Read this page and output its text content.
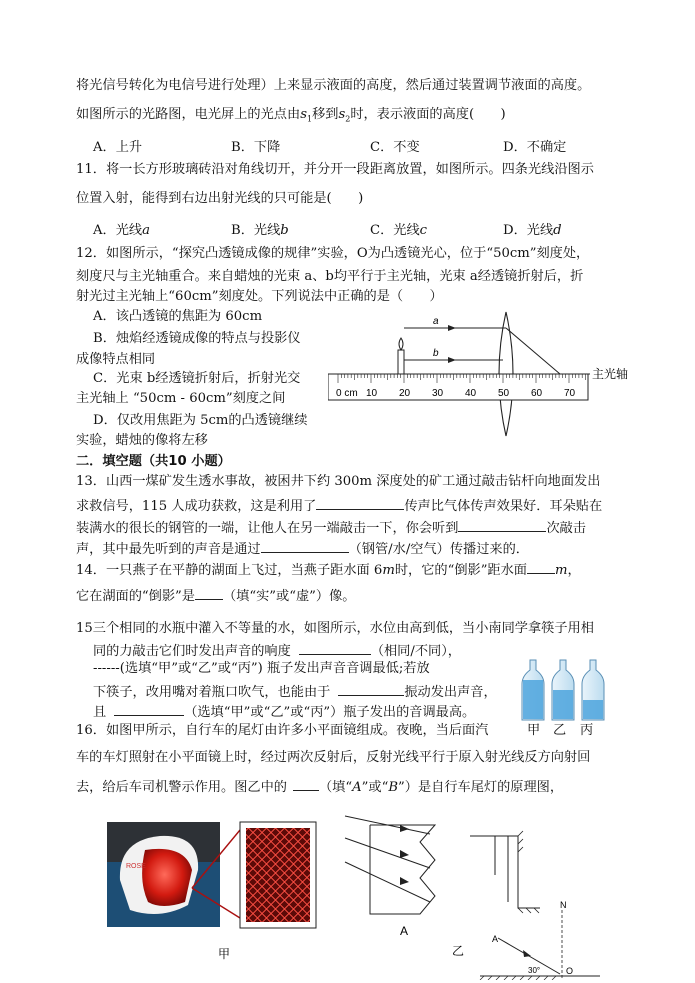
将光信号转化为电信号进行处理）上来显示液面的高度，然后通过装置调节液面的高度。
如图所示的光路图，电光屏上的光点由$s_1$移到$s_2$时，表示液面的高度(　　)
A．上升	B．下降	C．不变	D．不确定
11．将一长方形玻璃砖沿对角线切开，并分开一段距离放置，如图所示。四条光线沿图示
位置入射，能得到右边出射光线的只可能是(　　)
A．光线a	B．光线b	C．光线c	D．光线d
12．如图所示，“探究凸透镜成像的规律”实验，O为凸透镜光心，位于“50cm”刻度处，
刻度尺与主光轴重合。来自蜡烛的光束 a、b均平行于主光轴，光束 a经透镜折射后，折
射光过主光轴上“60cm”刻度处。下列说法中正确的是（　　）
A．该凸透镜的焦距为 60cm
B．烛焰经透镜成像的特点与投影仪
成像特点相同
C．光束 b经透镜折射后，折射光交
主光轴上 “50cm - 60cm”刻度之间
D．仅改用焦距为 5cm的凸透镜继续
实验，蜡烛的像将左移
a
b
主光轴
0 cm 10 20 30 40 50 60 70
二．填空题（共10 小题）
13．山西一煤矿发生透水事故，被困井下约 300m 深度处的矿工通过敲击钻杆向地面发出
求救信号，115 人成功获救，这是利用了	传声比气体传声效果好．耳朵贴在
装满水的很长的钢管的一端，让他人在另一端敲击一下，你会听到	次敲击
声，其中最先听到的声音是通过	（钢管/水/空气）传播过来的．
14．一只燕子在平静的湖面上飞过，当燕子距水面 6m时，它的“倒影”距水面 m，
它在湖面的“倒影”是 （填“实”或“虚”）像。
15三个相同的水瓶中灌入不等量的水，如图所示，水位由高到低，当小南同学拿筷子用相
同的力敲击它们时发出声音的响度	（相同/不同），
------(选填“甲”或“乙”或“丙”) 瓶子发出声音音调最低;若放
下筷子，改用嘴对着瓶口吹气，也能由于	振动发出声音，
且	（选填“甲”或“乙”或“丙”）瓶子发出的音调最高。
甲 乙 丙
16．如图甲所示，自行车的尾灯由许多小平面镜组成。夜晚，当后面汽
车的车灯照射在小平面镜上时，经过两次反射后，反射光线平行于原入射光线反方向射回
去，给后车司机警示作用。图乙中的 （填“A”或“B”）是自行车尾灯的原理图，
ROSE
甲
A
乙
N
A
30°	O
